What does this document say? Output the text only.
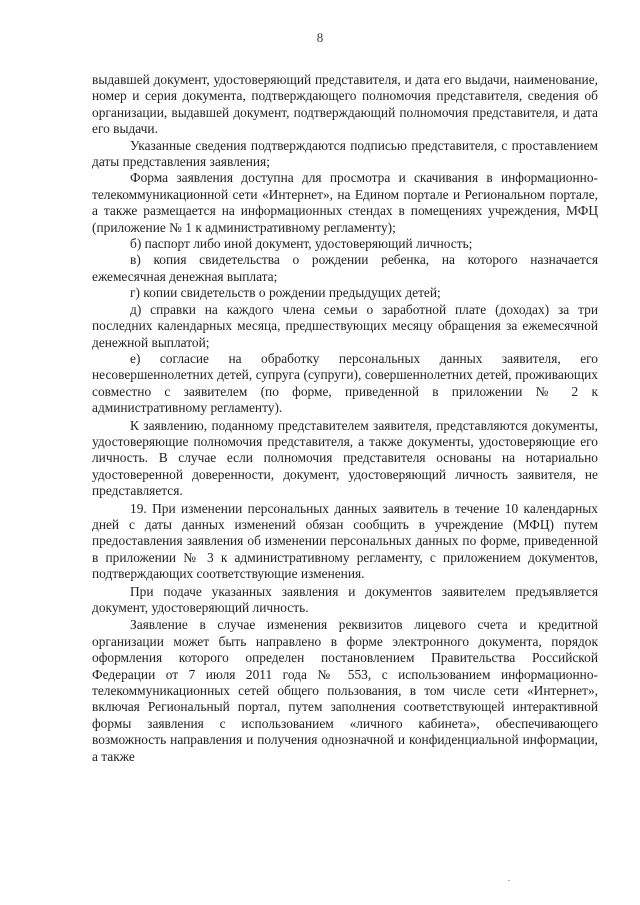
8

выдавшей документ, удостоверяющий представителя, и дата его выдачи, наименование, номер и серия документа, подтверждающего полномочия представителя, сведения об организации, выдавшей документ, подтверждающий полномочия представителя, и дата его выдачи.

Указанные сведения подтверждаются подписью представителя, с проставлением даты представления заявления;

Форма заявления доступна для просмотра и скачивания в информационно-телекоммуникационной сети «Интернет», на Едином портале и Региональном портале, а также размещается на информационных стендах в помещениях учреждения, МФЦ (приложение № 1 к административному регламенту);

б) паспорт либо иной документ, удостоверяющий личность;

в) копия свидетельства о рождении ребенка, на которого назначается ежемесячная денежная выплата;

г) копии свидетельств о рождении предыдущих детей;

д) справки на каждого члена семьи о заработной плате (доходах) за три последних календарных месяца, предшествующих месяцу обращения за ежемесячной денежной выплатой;

е) согласие на обработку персональных данных заявителя, его несовершеннолетних детей, супруга (супруги), совершеннолетних детей, проживающих совместно с заявителем (по форме, приведенной в приложении № 2 к административному регламенту).

К заявлению, поданному представителем заявителя, представляются документы, удостоверяющие полномочия представителя, а также документы, удостоверяющие его личность. В случае если полномочия представителя основаны на нотариально удостоверенной доверенности, документ, удостоверяющий личность заявителя, не представляется.

19. При изменении персональных данных заявитель в течение 10 календарных дней с даты данных изменений обязан сообщить в учреждение (МФЦ) путем предоставления заявления об изменении персональных данных по форме, приведенной в приложении № 3 к административному регламенту, с приложением документов, подтверждающих соответствующие изменения.

При подаче указанных заявления и документов заявителем предъявляется документ, удостоверяющий личность.

Заявление в случае изменения реквизитов лицевого счета и кредитной организации может быть направлено в форме электронного документа, порядок оформления которого определен постановлением Правительства Российской Федерации от 7 июля 2011 года № 553, с использованием информационно-телекоммуникационных сетей общего пользования, в том числе сети «Интернет», включая Региональный портал, путем заполнения соответствующей интерактивной формы заявления с использованием «личного кабинета», обеспечивающего возможность направления и получения однозначной и конфиденциальной информации, а также
